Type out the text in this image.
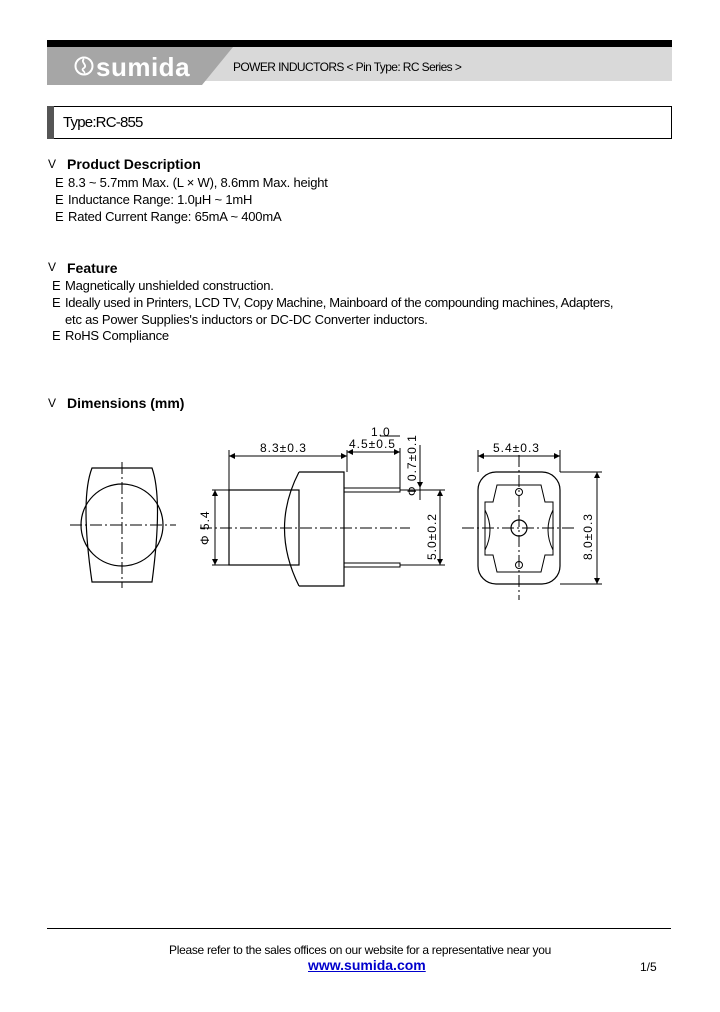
sumida	POWER INDUCTORS < Pin Type: RC Series >
Type:RC-855
V Product Description
E 8.3 ~ 5.7mm Max. (L × W), 8.6mm Max. height
E Inductance Range: 1.0μH ~ 1mH
E Rated Current Range: 65mA ~ 400mA
V Feature
E Magnetically unshielded construction.
E Ideally used in Printers, LCD TV, Copy Machine, Mainboard of the compounding machines, Adapters,
etc as Power Supplies's inductors or DC-DC Converter inductors.
E RoHS Compliance
V Dimensions (mm)
8.3±0.3	4.5±0.5
1.0
Φ 0.7±0.1
Φ 5.4	5.0±0.2
5.4±0.3
8.0±0.3
Please refer to the sales offices on our website for a representative near you
www.sumida.com	1/5
